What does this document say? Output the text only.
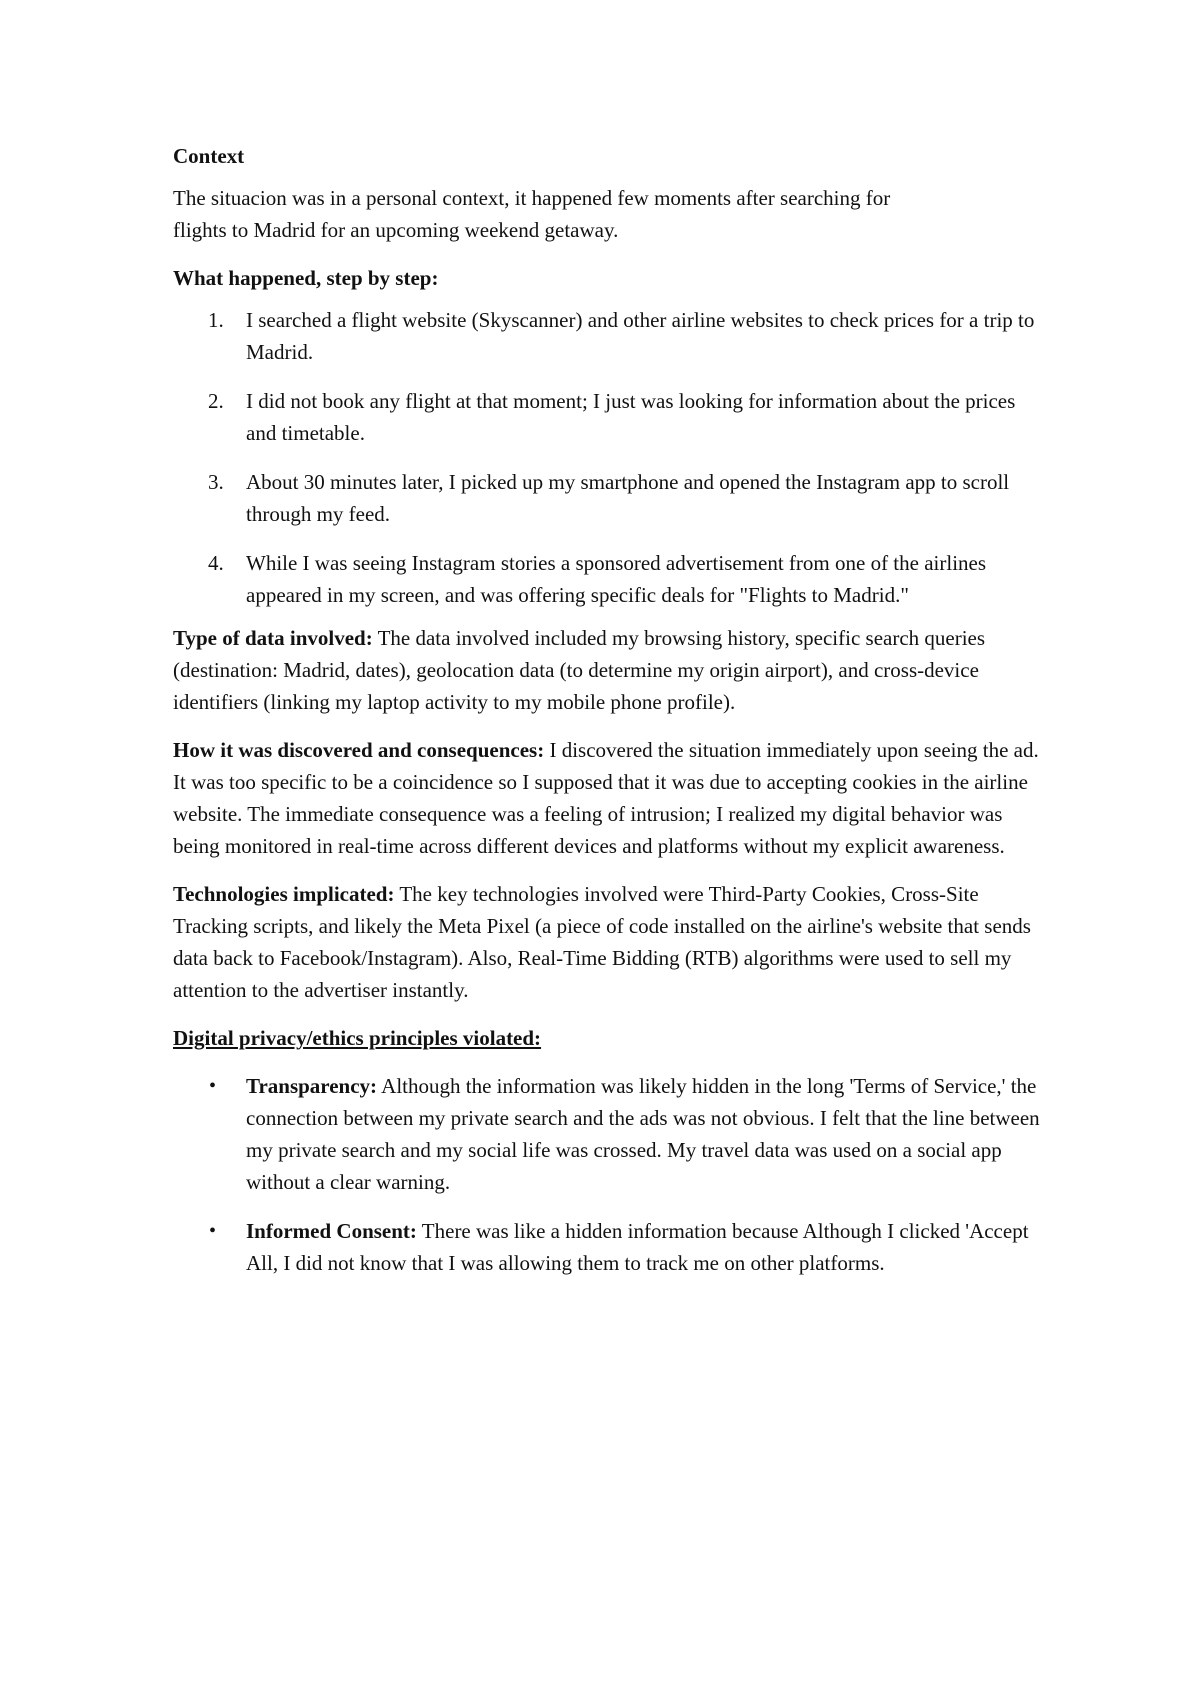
Context
The situacion was in a personal context, it happened few moments after searching for
flights to Madrid for an upcoming weekend getaway.
What happened, step by step:
1. I searched a flight website (Skyscanner) and other airline websites to check prices for a trip to Madrid.
2. I did not book any flight at that moment; I just was looking for information about the prices and timetable.
3. About 30 minutes later, I picked up my smartphone and opened the Instagram app to scroll through my feed.
4. While I was seeing Instagram stories a sponsored advertisement from one of the airlines appeared in my screen, and was offering specific deals for "Flights to Madrid."
Type of data involved: The data involved included my browsing history, specific search queries (destination: Madrid, dates), geolocation data (to determine my origin airport), and cross-device identifiers (linking my laptop activity to my mobile phone profile).
How it was discovered and consequences: I discovered the situation immediately upon seeing the ad. It was too specific to be a coincidence so I supposed that it was due to accepting cookies in the airline website. The immediate consequence was a feeling of intrusion; I realized my digital behavior was being monitored in real-time across different devices and platforms without my explicit awareness.
Technologies implicated: The key technologies involved were Third-Party Cookies, Cross-Site Tracking scripts, and likely the Meta Pixel (a piece of code installed on the airline's website that sends data back to Facebook/Instagram). Also, Real-Time Bidding (RTB) algorithms were used to sell my attention to the advertiser instantly.
Digital privacy/ethics principles violated:
• Transparency: Although the information was likely hidden in the long 'Terms of Service,' the connection between my private search and the ads was not obvious. I felt that the line between my private search and my social life was crossed. My travel data was used on a social app without a clear warning.
• Informed Consent: There was like a hidden information because Although I clicked 'Accept All, I did not know that I was allowing them to track me on other platforms.
